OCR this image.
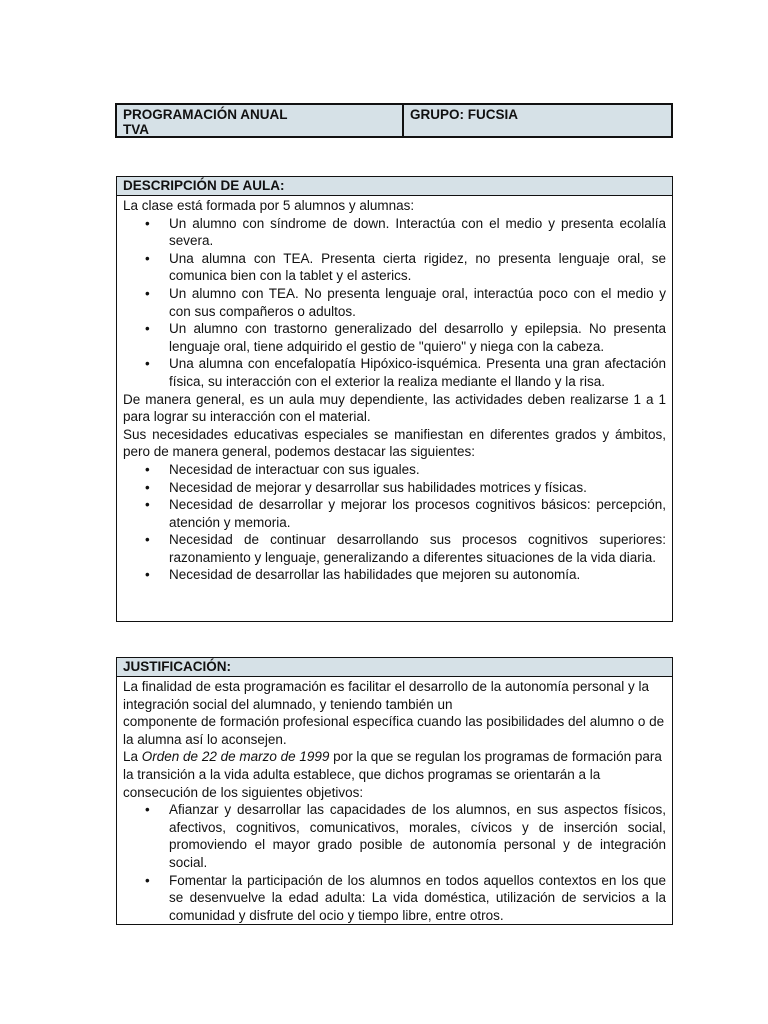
PROGRAMACIÓN ANUAL
TVA
GRUPO: FUCSIA
DESCRIPCIÓN DE AULA:
La clase está formada por 5 alumnos y alumnas:
• Un alumno con síndrome de down. Interactúa con el medio y presenta ecolalía severa.
• Una alumna con TEA. Presenta cierta rigidez, no presenta lenguaje oral, se comunica bien con la tablet y el asterics.
• Un alumno con TEA. No presenta lenguaje oral, interactúa poco con el medio y con sus compañeros o adultos.
• Un alumno con trastorno generalizado del desarrollo y epilepsia. No presenta lenguaje oral, tiene adquirido el gestio de "quiero" y niega con la cabeza.
• Una alumna con encefalopatía Hipóxico-isquémica. Presenta una gran afectación física, su interacción con el exterior la realiza mediante el llando y la risa.
De manera general, es un aula muy dependiente, las actividades deben realizarse 1 a 1 para lograr su interacción con el material.
Sus necesidades educativas especiales se manifiestan en diferentes grados y ámbitos, pero de manera general, podemos destacar las siguientes:
• Necesidad de interactuar con sus iguales.
• Necesidad de mejorar y desarrollar sus habilidades motrices y físicas.
• Necesidad de desarrollar y mejorar los procesos cognitivos básicos: percepción, atención y memoria.
• Necesidad de continuar desarrollando sus procesos cognitivos superiores: razonamiento y lenguaje, generalizando a diferentes situaciones de la vida diaria.
• Necesidad de desarrollar las habilidades que mejoren su autonomía.
JUSTIFICACIÓN:
La finalidad de esta programación es facilitar el desarrollo de la autonomía personal y la integración social del alumnado, y teniendo también un
componente de formación profesional específica cuando las posibilidades del alumno o de la alumna así lo aconsejen.
La Orden de 22 de marzo de 1999 por la que se regulan los programas de formación para la transición a la vida adulta establece, que dichos programas se orientarán a la consecución de los siguientes objetivos:
• Afianzar y desarrollar las capacidades de los alumnos, en sus aspectos físicos, afectivos, cognitivos, comunicativos, morales, cívicos y de inserción social, promoviendo el mayor grado posible de autonomía personal y de integración social.
• Fomentar la participación de los alumnos en todos aquellos contextos en los que se desenvuelve la edad adulta: La vida doméstica, utilización de servicios a la comunidad y disfrute del ocio y tiempo libre, entre otros.
